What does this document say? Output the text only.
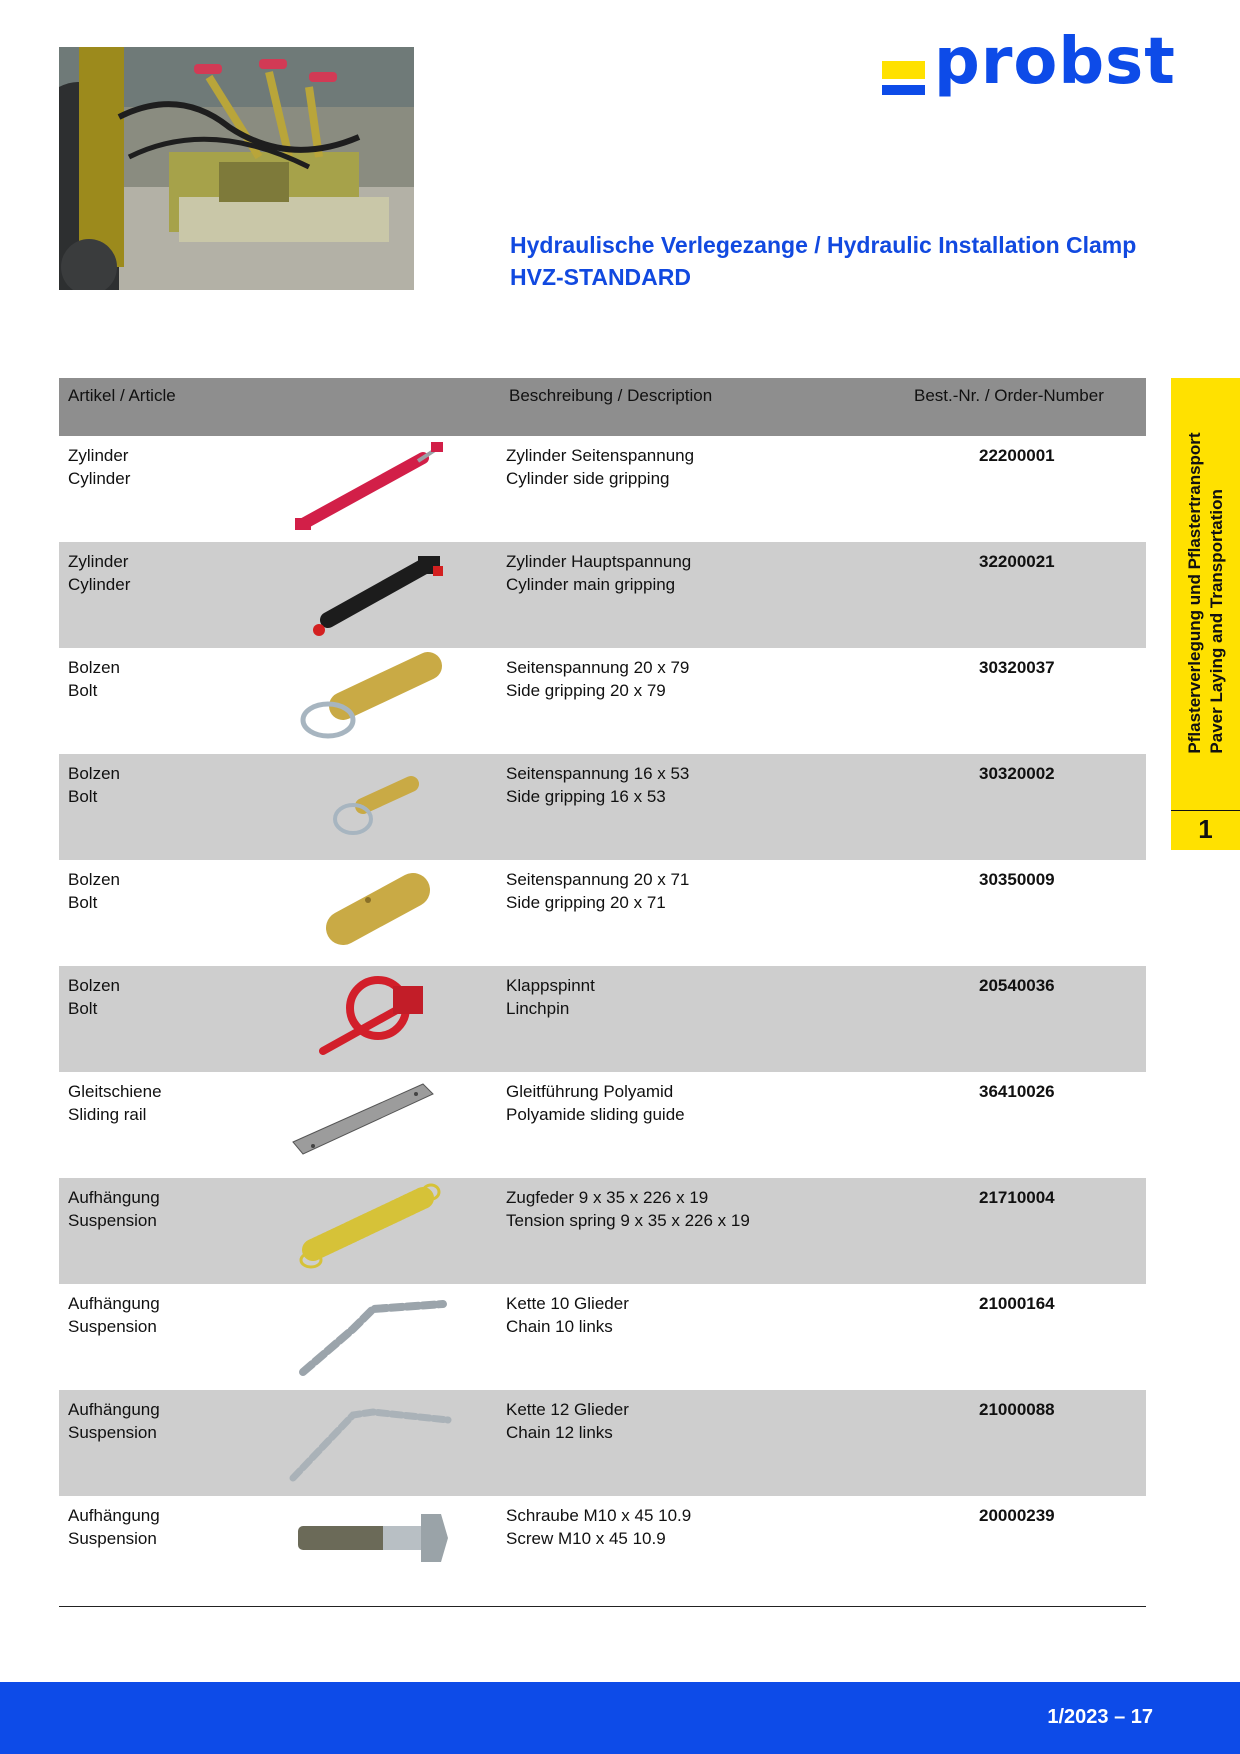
probst
Hydraulische Verlegezange / Hydraulic Installation Clamp
HVZ-STANDARD
Artikel / Article	Beschreibung / Description	Best.-Nr. / Order-Number
Zylinder
Cylinder
Zylinder Seitenspannung
Cylinder side gripping
22200001
Zylinder
Cylinder
Zylinder Hauptspannung
Cylinder main gripping
32200021
Bolzen
Bolt
Seitenspannung 20 x 79
Side gripping 20 x 79
30320037
Bolzen
Bolt
Seitenspannung 16 x 53
Side gripping 16 x 53
30320002
Bolzen
Bolt
Seitenspannung 20 x 71
Side gripping 20 x 71
30350009
Bolzen
Bolt
Klappspinnt
Linchpin
20540036
Gleitschiene
Sliding rail
Gleitführung Polyamid
Polyamide sliding guide
36410026
Aufhängung
Suspension
Zugfeder 9 x 35 x 226 x 19
Tension spring 9 x 35 x 226 x 19
21710004
Aufhängung
Suspension
Kette 10 Glieder
Chain 10 links
21000164
Aufhängung
Suspension
Kette 12 Glieder
Chain 12 links
21000088
Aufhängung
Suspension
Schraube M10 x 45 10.9
Screw M10 x 45 10.9
20000239
Pflasterverlegung und Pflastertransport Paver Laying and Transportation
1
1/2023 – 17
